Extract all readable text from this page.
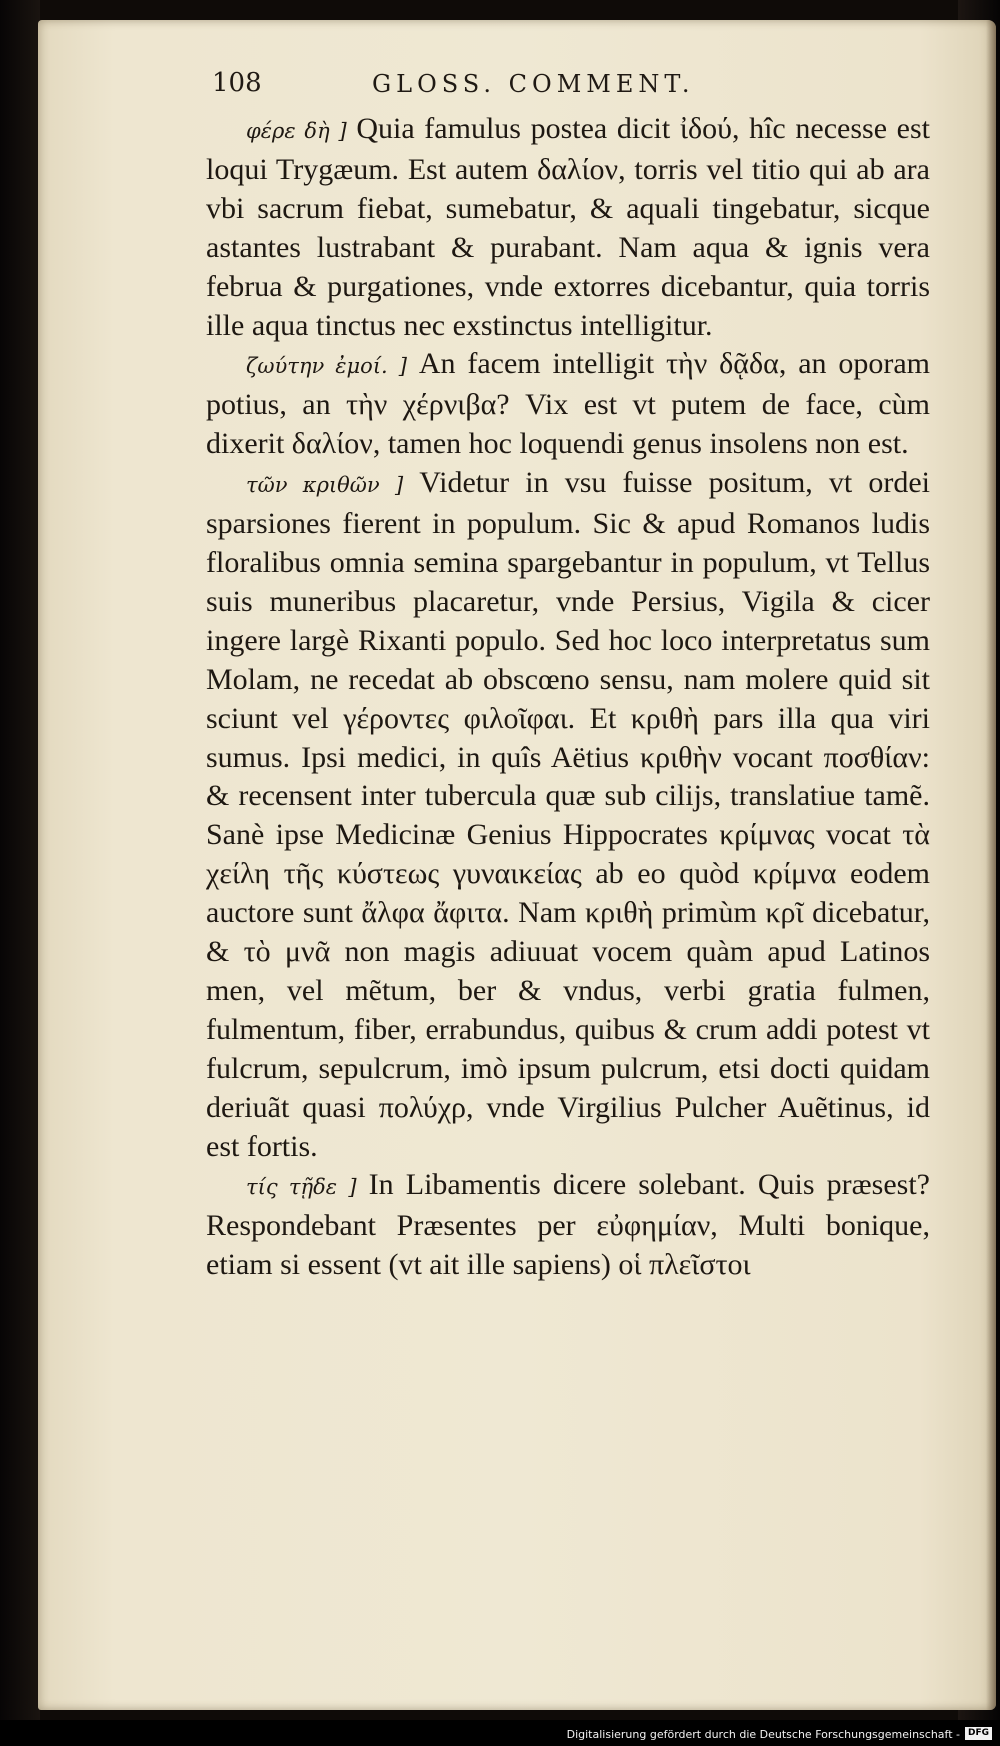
108	GLOSS. COMMENT.

φέρε δὴ ] Quia famulus postea dicit ἰδού, hîc necesse est loqui Trygæum. Est autem δαλίον, torris vel titio qui ab ara vbi sacrum fiebat, sumebatur, & aquali tingebatur, sicque astantes lustrabant & purabant. Nam aqua & ignis vera februa & purgationes, vnde extorres dicebantur, quia torris ille aqua tinctus nec exstinctus intelligitur.

ζωύτην ἐμοί. ] An facem intelligit τὴν δᾷδα, an oporam potius, an τὴν χέρνιβα? Vix est vt putem de face, cùm dixerit δαλίον, tamen hoc loquendi genus insolens non est.

τῶν κριθῶν ] Videtur in vsu fuisse positum, vt ordei sparsiones fierent in populum. Sic & apud Romanos ludis floralibus omnia semina spargebantur in populum, vt Tellus suis muneribus placaretur, vnde Persius, Vigila & cicer ingere largè Rixanti populo. Sed hoc loco interpretatus sum Molam, ne recedat ab obscœno sensu, nam molere quid sit sciunt vel γέροντες φιλοῖφαι. Et κριθὴ pars illa qua viri sumus. Ipsi medici, in quîs Aëtius κριθὴν vocant ποσθίαν: & recensent inter tubercula quæ sub cilijs, translatiue tamẽ. Sanè ipse Medicinæ Genius Hippocrates κρίμνας vocat τὰ χείλη τῆς κύστεως γυναικείας ab eo quòd κρίμνα eodem auctore sunt ἄλφα ἄφιτα. Nam κριθὴ primùm κρῖ dicebatur, & τὸ μνᾶ non magis adiuuat vocem quàm apud Latinos men, vel mẽtum, ber & vndus, verbi gratia fulmen, fulmentum, fiber, errabundus, quibus & crum addi potest vt fulcrum, sepulcrum, imò ipsum pulcrum, etsi docti quidam deriuãt quasi πολύχρ, vnde Virgilius Pulcher Auẽtinus, id est fortis.

τίς τῇδε ] In Libamentis dicere solebant. Quis præsest? Respondebant Præsentes per εὐφημίαν, Multi bonique, etiam si essent (vt ait ille sapiens) οἱ πλεῖστοι

Digitalisierung gefördert durch die Deutsche Forschungsgemeinschaft - DFG
